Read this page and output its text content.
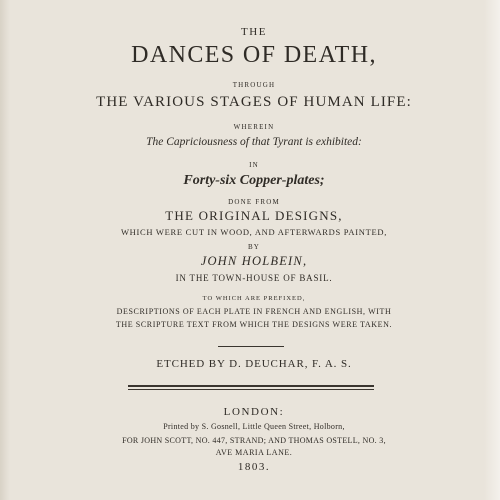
THE
DANCES OF DEATH,
THROUGH
THE VARIOUS STAGES OF HUMAN LIFE:
WHEREIN
The Capriciousness of that Tyrant is exhibited:
IN
Forty-six Copper-plates;
DONE FROM
THE ORIGINAL DESIGNS,
WHICH WERE CUT IN WOOD, AND AFTERWARDS PAINTED,
BY
JOHN HOLBEIN,
IN THE TOWN-HOUSE OF BASIL.
TO WHICH ARE PREFIXED,
DESCRIPTIONS OF EACH PLATE IN FRENCH AND ENGLISH, WITH
THE SCRIPTURE TEXT FROM WHICH THE DESIGNS WERE TAKEN.
ETCHED BY D. DEUCHAR, F. A. S.
LONDON:
Printed by S. Gosnell, Little Queen Street, Holborn,
FOR JOHN SCOTT, NO. 447, STRAND; AND THOMAS OSTELL, NO. 3,
AVE MARIA LANE.
1803.
